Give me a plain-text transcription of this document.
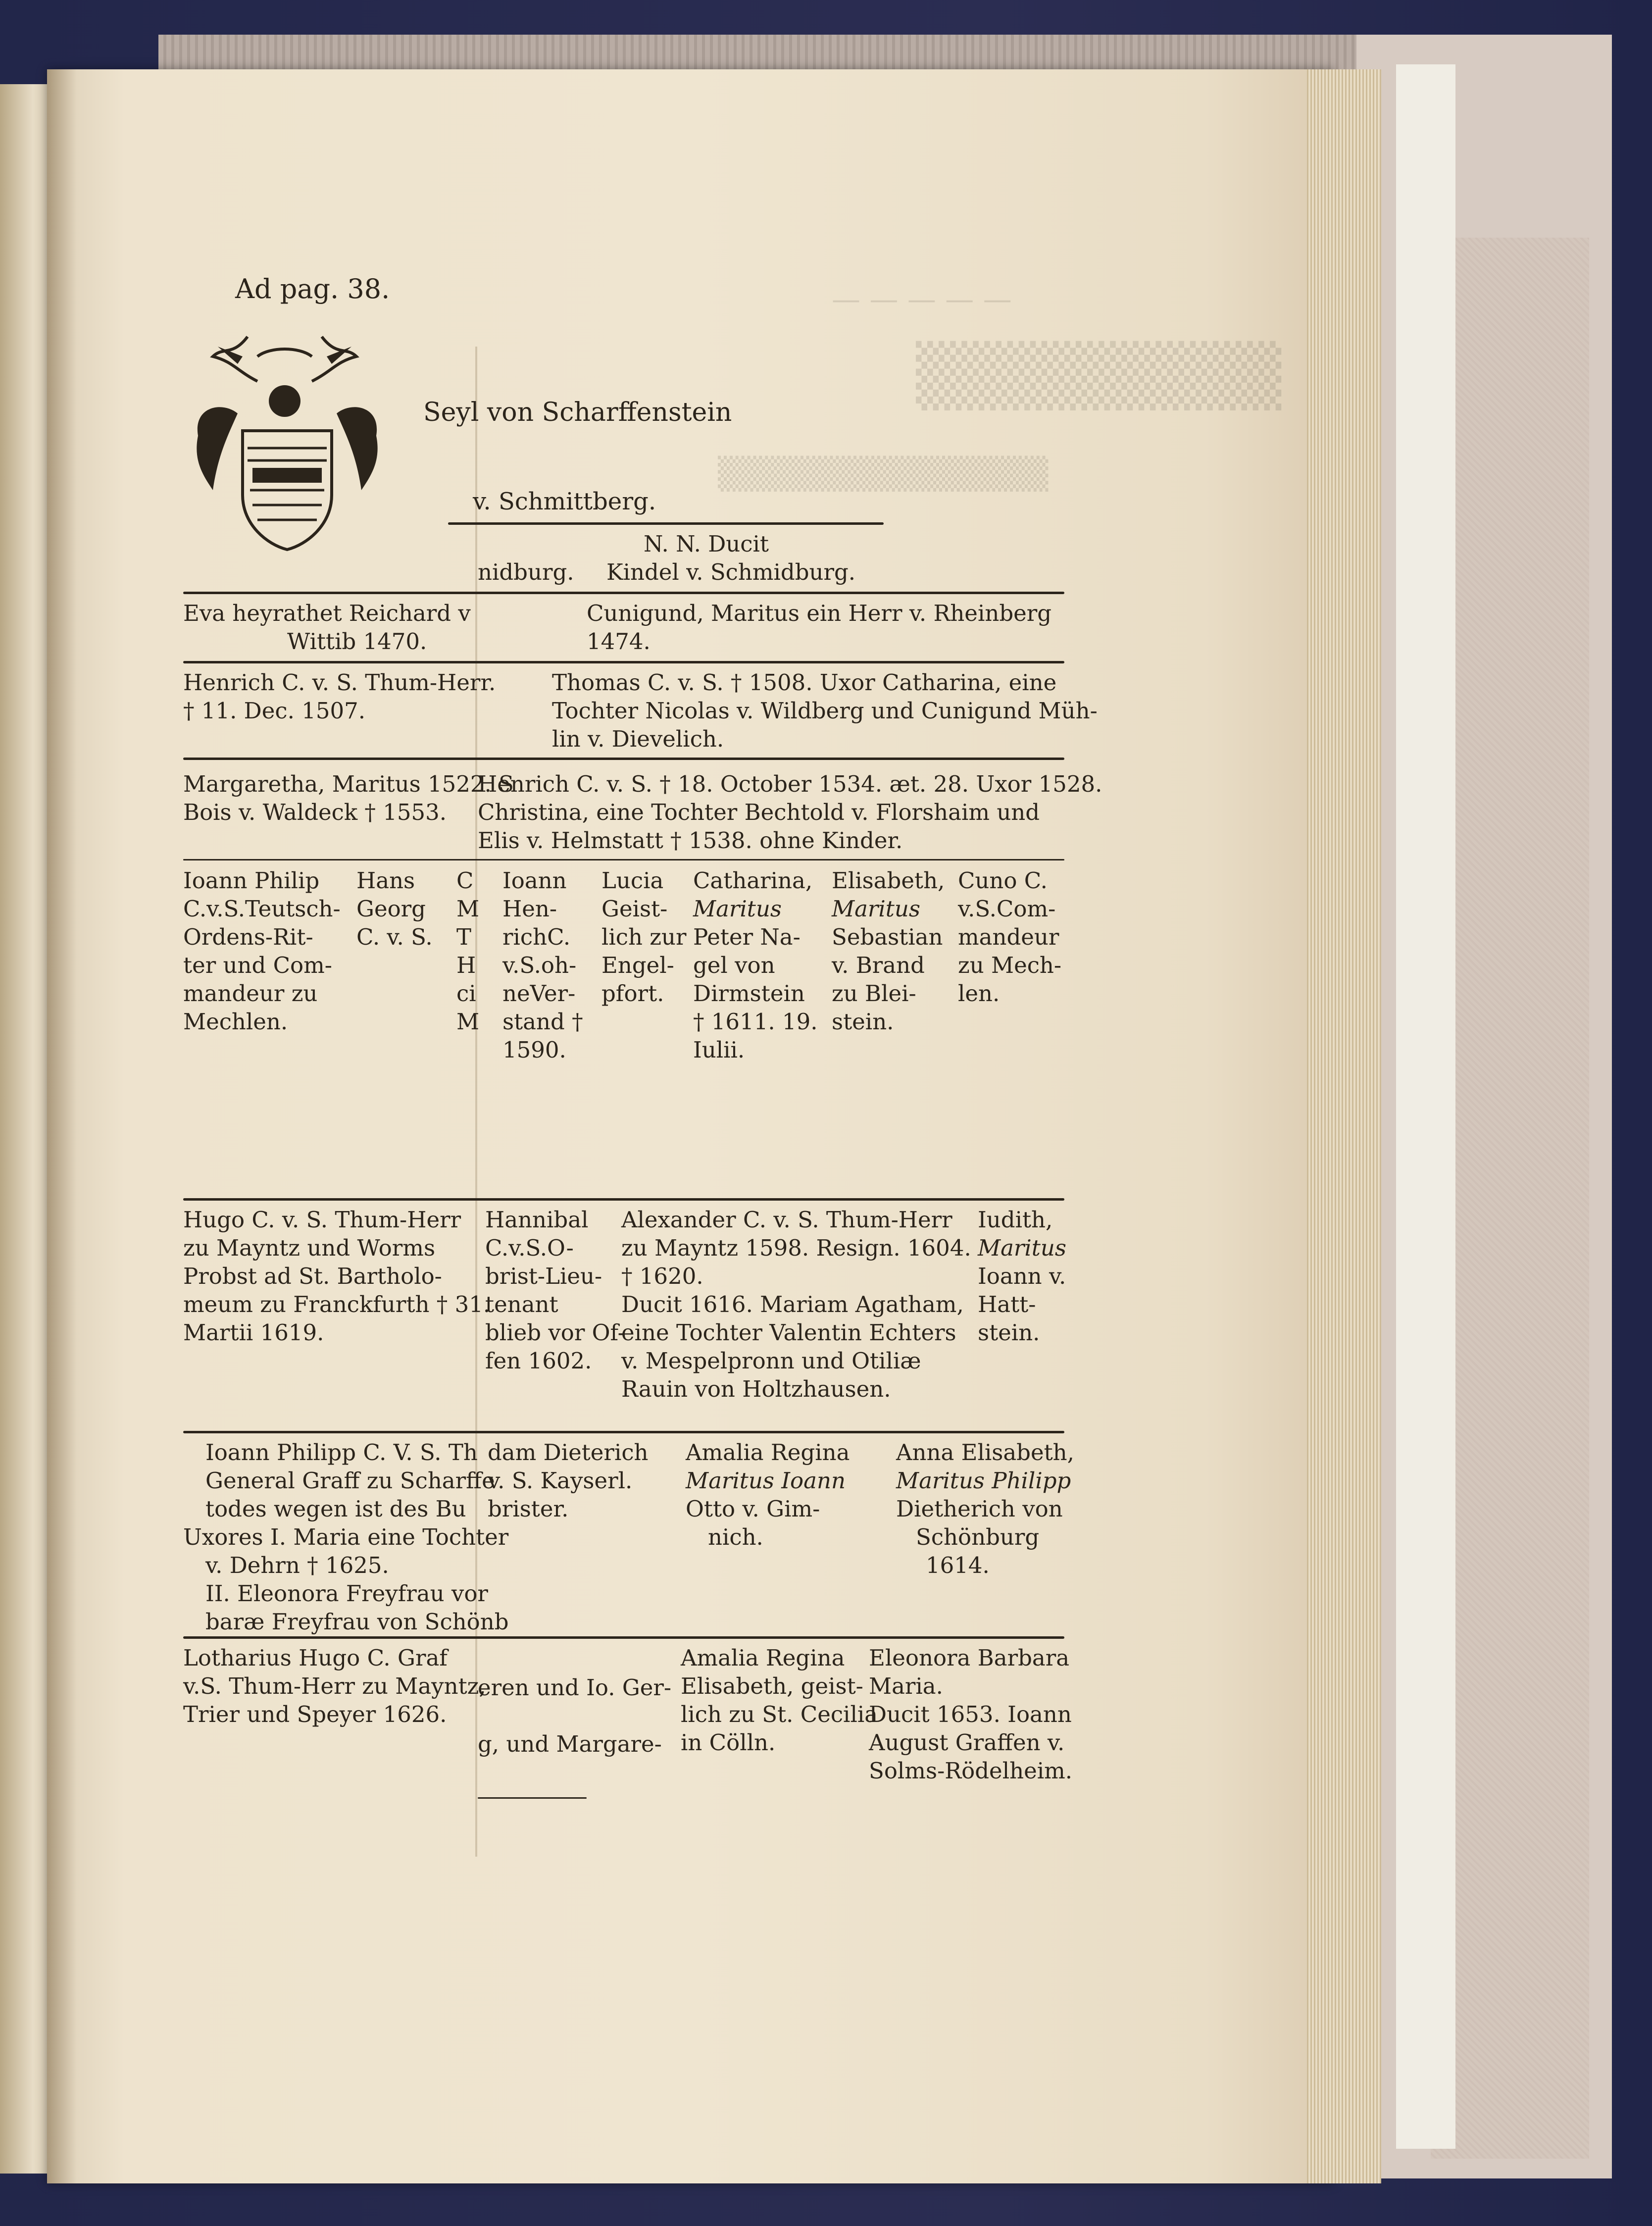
— — — — —
▒▒▒▒▒▒▒▒
▒▒▒▒▒▒▒▒▒▒▒▒▒▒
Ad pag. 38.
Seyl von Scharffenstein
v. Schmittberg.
N. N. Ducit
nidburg. Kindel v. Schmidburg.
Eva heyrathet Reichard v
Wittib 1470.
Cunigund, Maritus ein Herr v. Rheinberg
1474.
Henrich C. v. S. Thum-Herr.
† 11. Dec. 1507.
Thomas C. v. S. † 1508. Uxor Catharina, eine
Tochter Nicolas v. Wildberg und Cunigund Müh-
lin v. Dievelich.
Margaretha, Maritus 1522. S
Bois v. Waldeck † 1553.
Henrich C. v. S. † 18. October 1534. æt. 28. Uxor 1528.
Christina, eine Tochter Bechtold v. Florshaim und
Elis v. Helmstatt † 1538. ohne Kinder.
Ioann Philip
C.v.S.Teutsch-
Ordens-Rit-
ter und Com-
mandeur zu
Mechlen.
Hans
Georg
C. v. S.
C
M
T
H
ci
M
Ioann
Hen-
richC.
v.S.oh-
neVer-
stand †
1590.
Lucia
Geist-
lich zur
Engel-
pfort.
Catharina,
Maritus
Peter Na-
gel von
Dirmstein
† 1611. 19.
Iulii.
Elisabeth,
Maritus
Sebastian
v. Brand
zu Blei-
stein.
Cuno C.
v.S.Com-
mandeur
zu Mech-
len.
Hugo C. v. S. Thum-Herr
zu Mayntz und Worms
Probst ad St. Bartholo-
meum zu Franckfurth † 31.
Martii 1619.
Hannibal
C.v.S.O-
brist-Lieu-
tenant
blieb vor Of-
fen 1602.
Alexander C. v. S. Thum-Herr
zu Mayntz 1598. Resign. 1604.
† 1620.
Ducit 1616. Mariam Agatham,
eine Tochter Valentin Echters
v. Mespelpronn und Otiliæ
Rauin von Holtzhausen.
Iudith,
Maritus
Ioann v.
Hatt-
stein.
Ioann Philipp C. V. S. Th
General Graff zu Scharffe
todes wegen ist des Bu
Uxores I. Maria eine Tochter
v. Dehrn † 1625.
II. Eleonora Freyfrau vor
baræ Freyfrau von Schönb
dam Dieterich
v. S. Kayserl.
brister.
Amalia Regina
Maritus Ioann
Otto v. Gim-
nich.
Anna Elisabeth,
Maritus Philipp
Dietherich von
Schönburg
1614.
Lotharius Hugo C. Graf
v.S. Thum-Herr zu Mayntz,
Trier und Speyer 1626.
eren und Io. Ger-
g, und Margare-
Amalia Regina
Elisabeth, geist-
lich zu St. Cecilia
in Cölln.
Eleonora Barbara
Maria.
Ducit 1653. Ioann
August Graffen v.
Solms-Rödelheim.
